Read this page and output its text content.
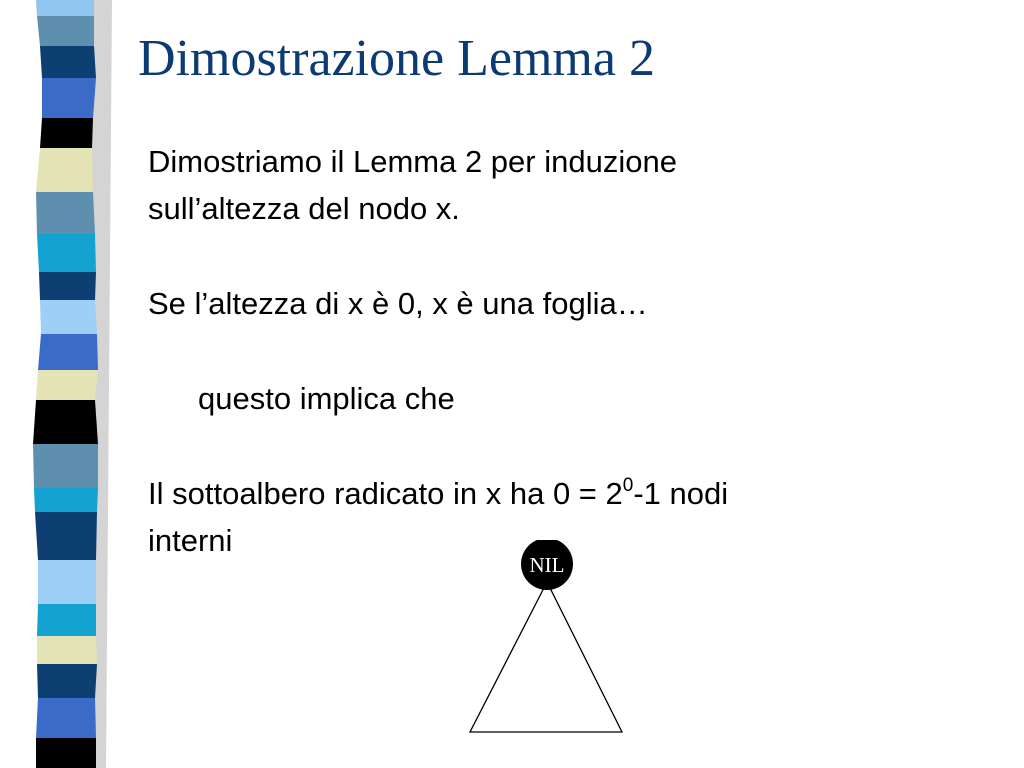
Dimostrazione Lemma 2
Dimostriamo il Lemma 2 per induzione
sull’altezza del nodo x.
Se l’altezza di x è 0, x è una foglia…
questo implica che
Il sottoalbero radicato in x ha $0 = 2^0-1$ nodi
interni
NIL
